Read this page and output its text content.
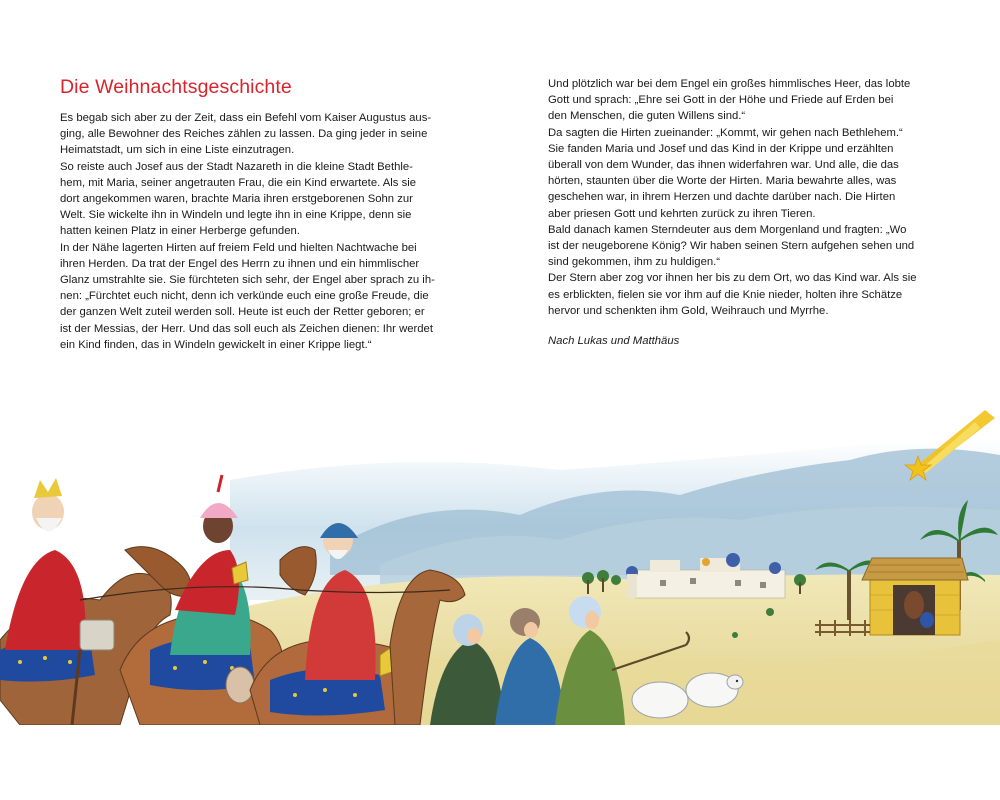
Die Weihnachtsgeschichte

Es begab sich aber zu der Zeit, dass ein Befehl vom Kaiser Augustus aus-

ging, alle Bewohner des Reiches zählen zu lassen. Da ging jeder in seine

Heimatstadt, um sich in eine Liste einzutragen.

So reiste auch Josef aus der Stadt Nazareth in die kleine Stadt Bethle-

hem, mit Maria, seiner angetrauten Frau, die ein Kind erwartete. Als sie

dort angekommen waren, brachte Maria ihren erstgeborenen Sohn zur

Welt. Sie wickelte ihn in Windeln und legte ihn in eine Krippe, denn sie

hatten keinen Platz in einer Herberge gefunden.

In der Nähe lagerten Hirten auf freiem Feld und hielten Nachtwache bei

ihren Herden. Da trat der Engel des Herrn zu ihnen und ein himmlischer

Glanz umstrahlte sie. Sie fürchteten sich sehr, der Engel aber sprach zu ih-

nen: „Fürchtet euch nicht, denn ich verkünde euch eine große Freude, die

der ganzen Welt zuteil werden soll. Heute ist euch der Retter geboren; er

ist der Messias, der Herr. Und das soll euch als Zeichen dienen: Ihr werdet

ein Kind finden, das in Windeln gewickelt in einer Krippe liegt.“

Und plötzlich war bei dem Engel ein großes himmlisches Heer, das lobte

Gott und sprach: „Ehre sei Gott in der Höhe und Friede auf Erden bei

den Menschen, die guten Willens sind.“

Da sagten die Hirten zueinander: „Kommt, wir gehen nach Bethlehem.“

Sie fanden Maria und Josef und das Kind in der Krippe und erzählten

überall von dem Wunder, das ihnen widerfahren war. Und alle, die das

hörten, staunten über die Worte der Hirten. Maria bewahrte alles, was

geschehen war, in ihrem Herzen und dachte darüber nach. Die Hirten

aber priesen Gott und kehrten zurück zu ihren Tieren.

Bald danach kamen Sterndeuter aus dem Morgenland und fragten: „Wo

ist der neugeborene König? Wir haben seinen Stern aufgehen sehen und

sind gekommen, ihm zu huldigen.“

Der Stern aber zog vor ihnen her bis zu dem Ort, wo das Kind war. Als sie

es erblickten, fielen sie vor ihm auf die Knie nieder, holten ihre Schätze

hervor und schenkten ihm Gold, Weihrauch und Myrrhe.

Nach Lukas und Matthäus
